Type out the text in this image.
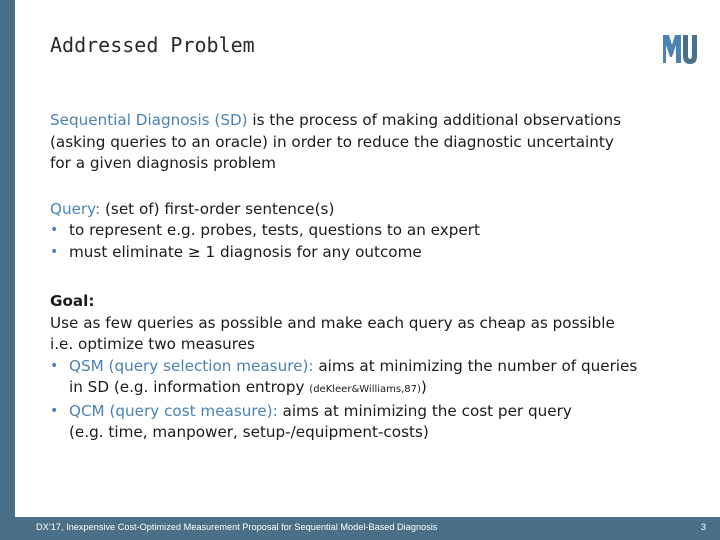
Addressed Problem

Sequential Diagnosis (SD) is the process of making additional observations
(asking queries to an oracle) in order to reduce the diagnostic uncertainty
for a given diagnosis problem

Query: (set of) first-order sentence(s)

• to represent e.g. probes, tests, questions to an expert
• must eliminate ≥ 1 diagnosis for any outcome

Goal:

Use as few queries as possible and make each query as cheap as possible

i.e. optimize two measures

• QSM (query selection measure): aims at minimizing the number of queries
in SD (e.g. information entropy (deKleer&Williams,87))
• QCM (query cost measure): aims at minimizing the cost per query
(e.g. time, manpower, setup-/equipment-costs)
DX’17, Inexpensive Cost-Optimized Measurement Proposal for Sequential Model-Based Diagnosis	3
